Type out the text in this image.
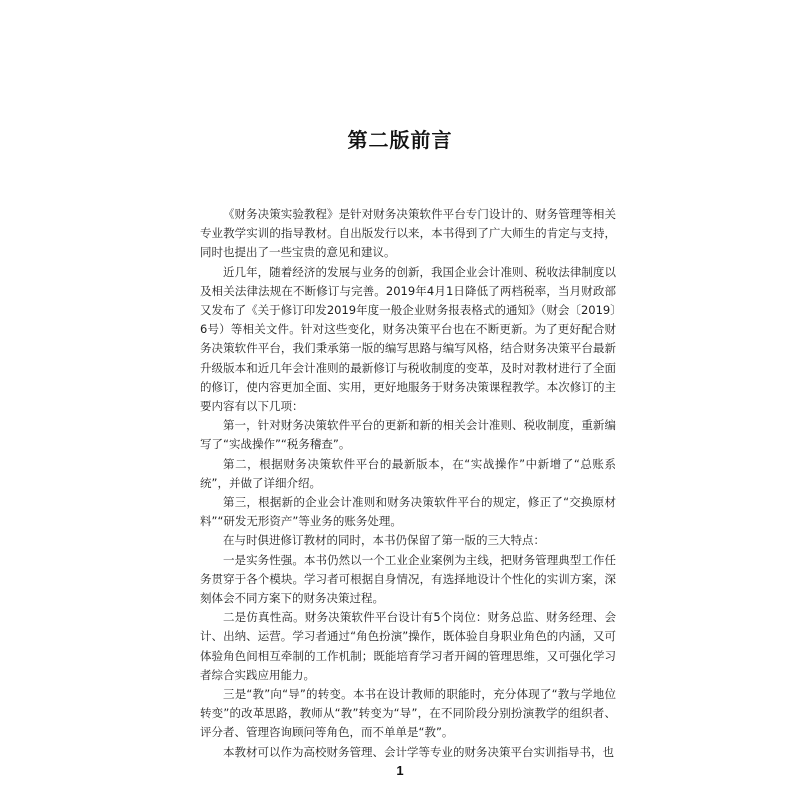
第二版前言

《财务决策实验教程》是针对财务决策软件平台专门设计的、财务管理等相关专业教学实训的指导教材。自出版发行以来，本书得到了广大师生的肯定与支持，同时也提出了一些宝贵的意见和建议。

近几年，随着经济的发展与业务的创新，我国企业会计准则、税收法律制度以及相关法律法规在不断修订与完善。2019年4月1日降低了两档税率，当月财政部又发布了《关于修订印发2019年度一般企业财务报表格式的通知》（财会〔2019〕6号）等相关文件。针对这些变化，财务决策平台也在不断更新。为了更好配合财务决策软件平台，我们秉承第一版的编写思路与编写风格，结合财务决策平台最新升级版本和近几年会计准则的最新修订与税收制度的变革，及时对教材进行了全面的修订，使内容更加全面、实用，更好地服务于财务决策课程教学。本次修订的主要内容有以下几项：

第一，针对财务决策软件平台的更新和新的相关会计准则、税收制度，重新编写了“实战操作”“税务稽查”。

第二，根据财务决策软件平台的最新版本，在“实战操作”中新增了“总账系统”，并做了详细介绍。

第三，根据新的企业会计准则和财务决策软件平台的规定，修正了“交换原材料”“研发无形资产”等业务的账务处理。

在与时俱进修订教材的同时，本书仍保留了第一版的三大特点：

一是实务性强。本书仍然以一个工业企业案例为主线，把财务管理典型工作任务贯穿于各个模块。学习者可根据自身情况，有选择地设计个性化的实训方案，深刻体会不同方案下的财务决策过程。

二是仿真性高。财务决策软件平台设计有5个岗位：财务总监、财务经理、会计、出纳、运营。学习者通过“角色扮演”操作，既体验自身职业角色的内涵，又可体验角色间相互牵制的工作机制；既能培育学习者开阔的管理思维，又可强化学习者综合实践应用能力。

三是“教”向“导”的转变。本书在设计教师的职能时，充分体现了“教与学地位转变”的改革思路，教师从“教”转变为“导”，在不同阶段分别扮演教学的组织者、评分者、管理咨询顾问等角色，而不单单是“教”。

本教材可以作为高校财务管理、会计学等专业的财务决策平台实训指导书，也

1
